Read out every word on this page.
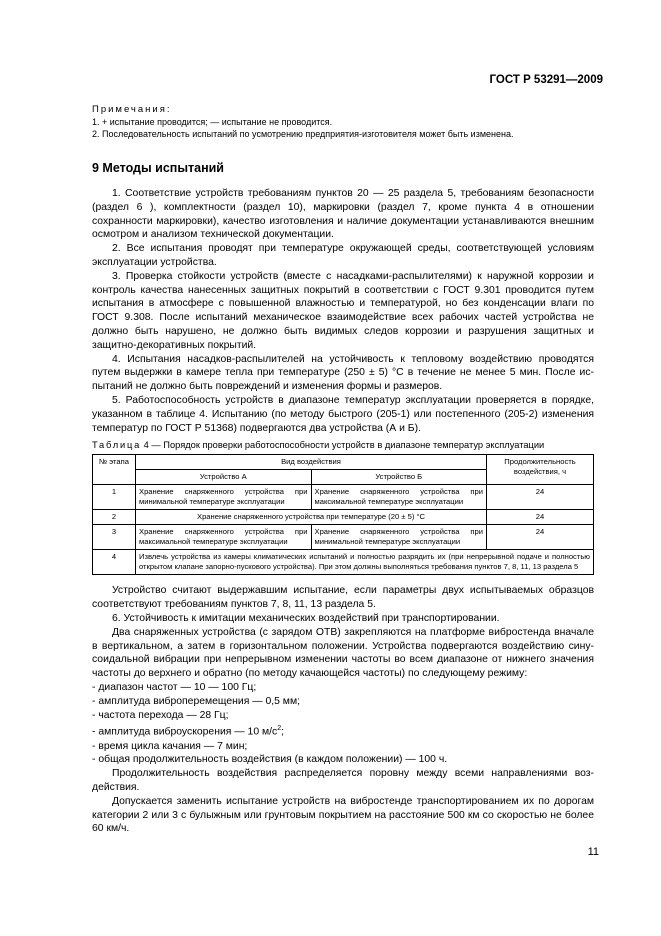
ГОСТ Р 53291—2009

Примечания:

1. + испытание проводится; — испытание не проводится.

2. Последовательность испытаний по усмотрению предприятия-изготовителя может быть изменена.

9 Методы испытаний

1. Соответствие устройств требованиям пунктов 20 — 25 раздела 5, требованиям безопасности (раздел 6 ), комплектности (раздел 10), маркировки (раздел 7, кроме пункта 4 в отношении сохранности маркировки), качество изготовления и наличие документации устанавливаются внешним осмотром и анализом технической документации.

2. Все испытания проводят при температуре окружающей среды, соответствующей условиям эксплуатации устройства.

3. Проверка стойкости устройств (вместе с насадками-распылителями) к наружной коррозии и контроль качества нанесенных защитных покрытий в соответствии с ГОСТ 9.301 проводится путем испытания в атмосфере с повышенной влажностью и температурой, но без конденсации влаги по ГОСТ 9.308. После испытаний механическое взаимодействие всех рабочих частей устройства не должно быть нарушено, не должно быть видимых следов коррозии и разрушения защитных и защитно-декоративных покрытий.

4. Испытания насадков-распылителей на устойчивость к тепловому воздействию проводятся путем выдержки в камере тепла при температуре (250 ± 5) °С в течение не менее 5 мин. После испытаний не должно быть повреждений и изменения формы и размеров.

5. Работоспособность устройств в диапазоне температур эксплуатации проверяется в порядке, указанном в таблице 4. Испытанию (по методу быстрого (205-1) или постепенного (205-2) изменения температур по ГОСТ Р 51368) подвергаются два устройства (А и Б).

Таблица 4 — Порядок проверки работоспособности устройств в диапазоне температур эксплуатации
№ этапа	Вид воздействия		Продолжительность воздействия, ч
	Устройство А	Устройство Б	
1	Хранение снаряженного устройства при минимальной температуре эксплуатации	Хранение снаряженного устройства при максимальной температуре эксплуатации	24
2	Хранение снаряженного устройства при температуре (20 ± 5) °С		24
3	Хранение снаряженного устройства при максимальной температуре эксплуатации	Хранение снаряженного устройства при минимальной температуре эксплуатации	24
4	Извлечь устройства из камеры климатических испытаний и полностью разрядить их (при непрерывной подаче и полностью открытом клапане запорно-пускового устройства). При этом должны выполняться требования пунктов 7, 8, 11, 13 раздела 5		

Устройство считают выдержавшим испытание, если параметры двух испытываемых образцов соответствуют требованиям пунктов 7, 8, 11, 13 раздела 5.

6. Устойчивость к имитации механических воздействий при транспортировании.

Два снаряженных устройства (с зарядом ОТВ) закрепляются на платформе вибростенда вначале в вертикальном, а затем в горизонтальном положении. Устройства подвергаются воздействию синусоидальной вибрации при непрерывном изменении частоты во всем диапазоне от нижнего значения частоты до верхнего и обратно (по методу качающейся частоты) по следующему режиму:

- диапазон частот — 10 — 100 Гц;

- амплитуда виброперемещения — 0,5 мм;

- частота перехода — 28 Гц;

- амплитуда виброускорения — 10 $м/с^2$;

- время цикла качания — 7 мин;

- общая продолжительность воздействия (в каждом положении) — 100 ч.

Продолжительность воздействия распределяется поровну между всеми направлениями воздействия.

Допускается заменить испытание устройств на вибростенде транспортированием их по дорогам категории 2 или 3 с булыжным или грунтовым покрытием на расстояние 500 км со скоростью не более 60 км/ч.

11
